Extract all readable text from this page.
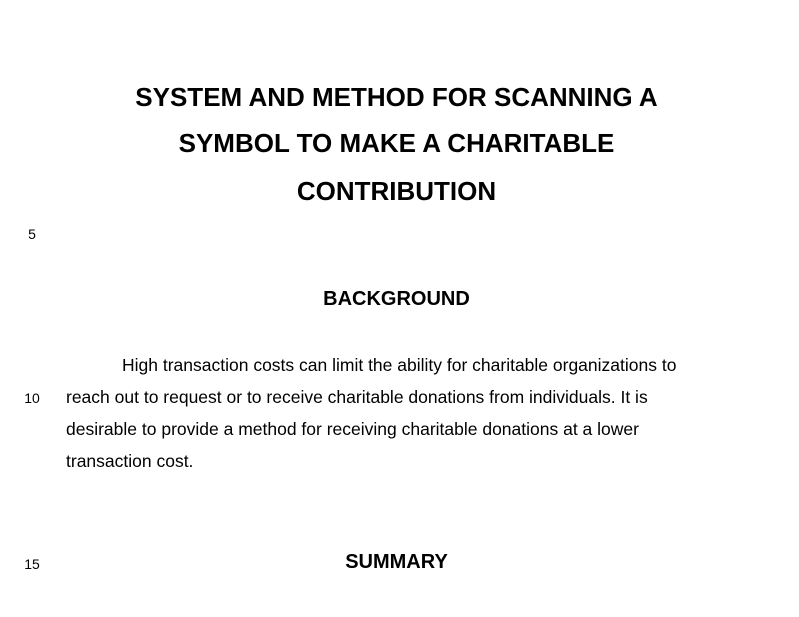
SYSTEM AND METHOD FOR SCANNING A
SYMBOL TO MAKE A CHARITABLE
CONTRIBUTION
5
BACKGROUND
High transaction costs can limit the ability for charitable organizations to
10	reach out to request or to receive charitable donations from individuals. It is
desirable to provide a method for receiving charitable donations at a lower
transaction cost.
15	SUMMARY
